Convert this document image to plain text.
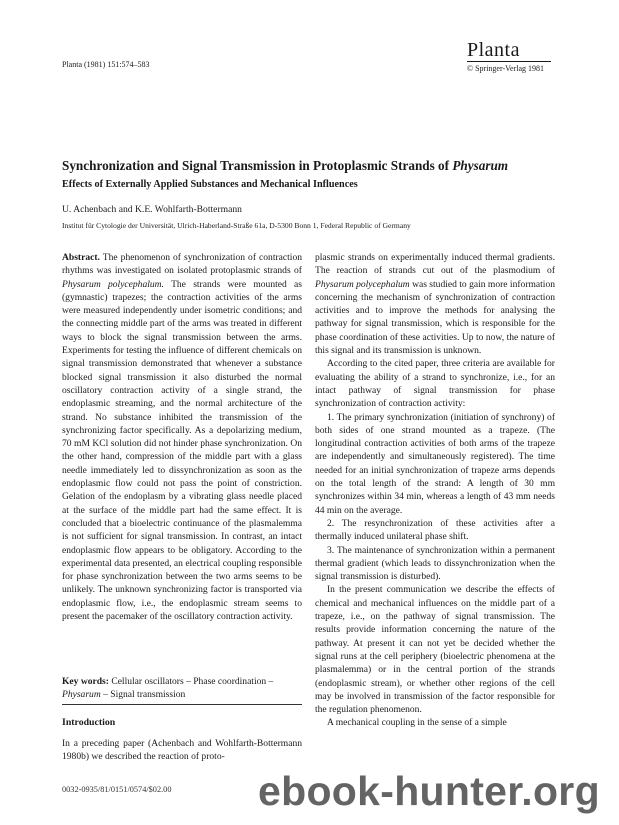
Planta (1981) 151:574–583
Planta
© Springer-Verlag 1981
Synchronization and Signal Transmission in Protoplasmic Strands of Physarum
Effects of Externally Applied Substances and Mechanical Influences
U. Achenbach and K.E. Wohlfarth-Bottermann
Institut für Cytologie der Universität, Ulrich-Haberland-Straße 61a, D-5300 Bonn 1, Federal Republic of Germany

Abstract. The phenomenon of synchronization of contraction rhythms was investigated on isolated protoplasmic strands of Physarum polycephalum. The strands were mounted as (gymnastic) trapezes; the contraction activities of the arms were measured independently under isometric conditions; and the connecting middle part of the arms was treated in different ways to block the signal transmission between the arms. Experiments for testing the influence of different chemicals on signal transmission demonstrated that whenever a substance blocked signal transmission it also disturbed the normal oscillatory contraction activity of a single strand, the endoplasmic streaming, and the normal architecture of the strand. No substance inhibited the transmission of the synchronizing factor specifically. As a depolarizing medium, 70 mM KCl solution did not hinder phase synchronization. On the other hand, compression of the middle part with a glass needle immediately led to dissynchronization as soon as the endoplasmic flow could not pass the point of constriction. Gelation of the endoplasm by a vibrating glass needle placed at the surface of the middle part had the same effect. It is concluded that a bioelectric continuance of the plasmalemma is not sufficient for signal transmission. In contrast, an intact endoplasmic flow appears to be obligatory. According to the experimental data presented, an electrical coupling responsible for phase synchronization between the two arms seems to be unlikely. The unknown synchronizing factor is transported via endoplasmic flow, i.e., the endoplasmic stream seems to present the pacemaker of the oscillatory contraction activity.

Key words: Cellular oscillators – Phase coordination – Physarum – Signal transmission
Introduction

In a preceding paper (Achenbach and Wohlfarth-Bottermann 1980b) we described the reaction of proto-

0032-0935/81/0151/0574/$02.00

plasmic strands on experimentally induced thermal gradients. The reaction of strands cut out of the plasmodium of Physarum polycephalum was studied to gain more information concerning the mechanism of synchronization of contraction activities and to improve the methods for analysing the pathway for signal transmission, which is responsible for the phase coordination of these activities. Up to now, the nature of this signal and its transmission is unknown.

According to the cited paper, three criteria are available for evaluating the ability of a strand to synchronize, i.e., for an intact pathway of signal transmission for phase synchronization of contraction activity:

1. The primary synchronization (initiation of synchrony) of both sides of one strand mounted as a trapeze. (The longitudinal contraction activities of both arms of the trapeze are independently and simultaneously registered). The time needed for an initial synchronization of trapeze arms depends on the total length of the strand: A length of 30 mm synchronizes within 34 min, whereas a length of 43 mm needs 44 min on the average.

2. The resynchronization of these activities after a thermally induced unilateral phase shift.

3. The maintenance of synchronization within a permanent thermal gradient (which leads to dissynchronization when the signal transmission is disturbed).

In the present communication we describe the effects of chemical and mechanical influences on the middle part of a trapeze, i.e., on the pathway of signal transmission. The results provide information concerning the nature of the pathway. At present it can not yet be decided whether the signal runs at the cell periphery (bioelectric phenomena at the plasmalemma) or in the central portion of the strands (endoplasmic stream), or whether other regions of the cell may be involved in transmission of the factor responsible for the regulation phenomenon.

A mechanical coupling in the sense of a simple

ebook-hunter.org
